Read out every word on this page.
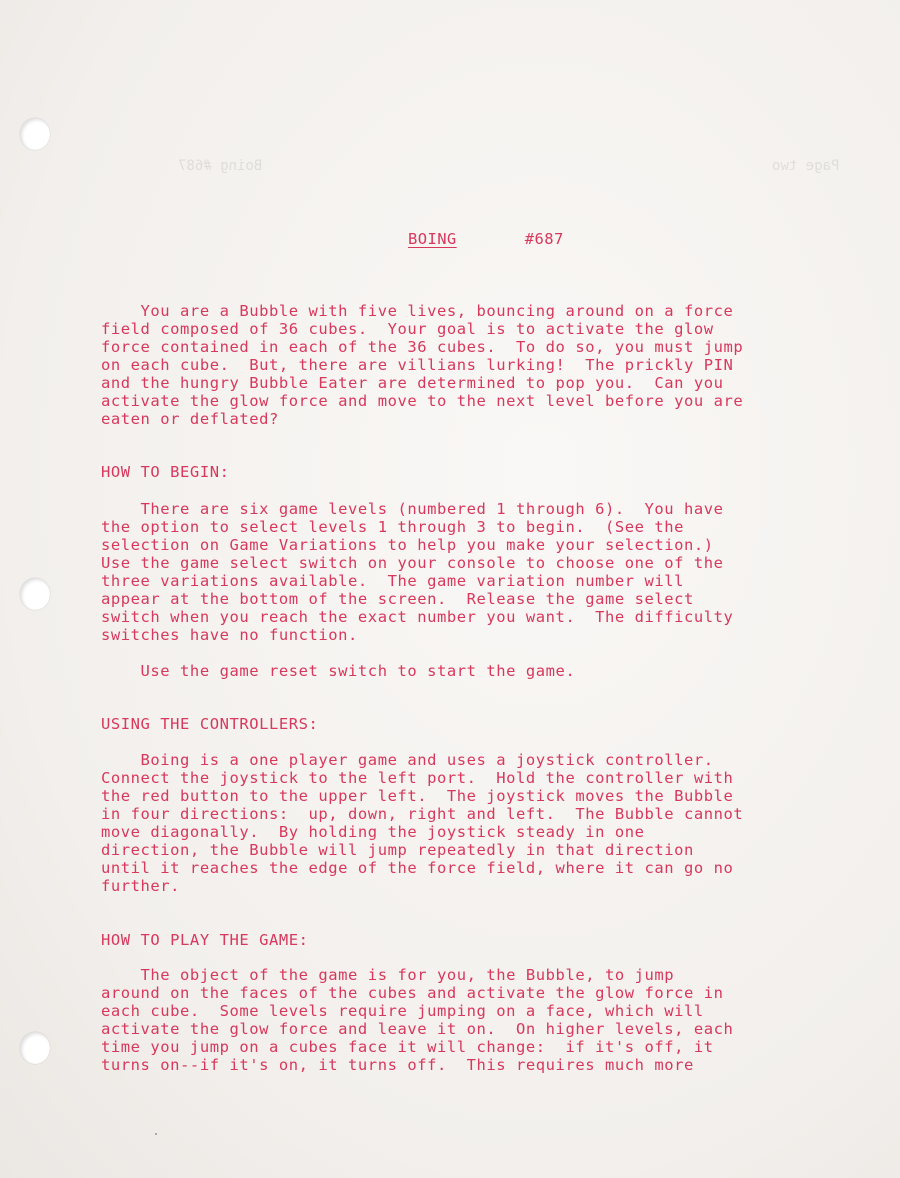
Boing #687	Page two
BOING	#687
You are a Bubble with five lives, bouncing around on a force
field composed of 36 cubes.  Your goal is to activate the glow
force contained in each of the 36 cubes.  To do so, you must jump
on each cube.  But, there are villians lurking!  The prickly PIN
and the hungry Bubble Eater are determined to pop you.  Can you
activate the glow force and move to the next level before you are
eaten or deflated?
HOW TO BEGIN:
There are six game levels (numbered 1 through 6).  You have
the option to select levels 1 through 3 to begin.  (See the
selection on Game Variations to help you make your selection.)
Use the game select switch on your console to choose one of the
three variations available.  The game variation number will
appear at the bottom of the screen.  Release the game select
switch when you reach the exact number you want.  The difficulty
switches have no function.
Use the game reset switch to start the game.
USING THE CONTROLLERS:
Boing is a one player game and uses a joystick controller.
Connect the joystick to the left port.  Hold the controller with
the red button to the upper left.  The joystick moves the Bubble
in four directions:  up, down, right and left.  The Bubble cannot
move diagonally.  By holding the joystick steady in one
direction, the Bubble will jump repeatedly in that direction
until it reaches the edge of the force field, where it can go no
further.
HOW TO PLAY THE GAME:
The object of the game is for you, the Bubble, to jump
around on the faces of the cubes and activate the glow force in
each cube.  Some levels require jumping on a face, which will
activate the glow force and leave it on.  On higher levels, each
time you jump on a cubes face it will change:  if it's off, it
turns on--if it's on, it turns off.  This requires much more
